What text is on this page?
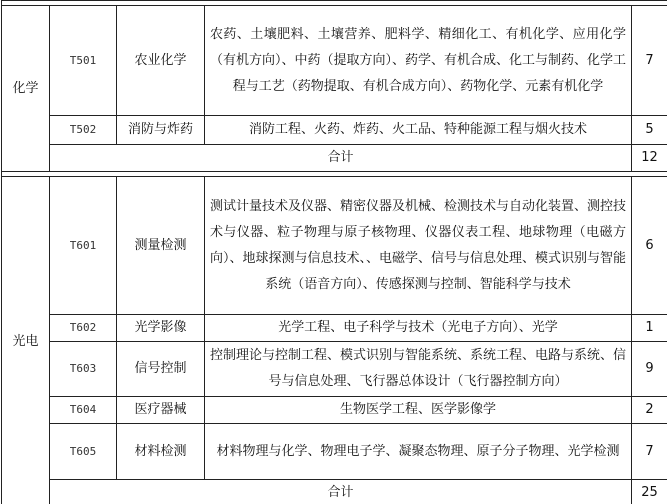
化学	T501	农业化学	农药、土壤肥料、土壤营养、肥料学、精细化工、有机化学、应用化学（有机方向）、中药（提取方向）、药学、有机合成、化工与制药、化学工程与工艺（药物提取、有机合成方向）、药物化学、元素有机化学	7
	T502	消防与炸药	消防工程、火药、炸药、火工品、特种能源工程与烟火技术	5
	合计			12

光电	T601	测量检测	测试计量技术及仪器、精密仪器及机械、检测技术与自动化装置、测控技术与仪器、粒子物理与原子核物理、仪器仪表工程、地球物理（电磁方向）、地球探测与信息技术、、电磁学、信号与信息处理、模式识别与智能系统（语音方向）、传感探测与控制、智能科学与技术	6
	T602	光学影像	光学工程、电子科学与技术（光电子方向）、光学	1
	T603	信号控制	控制理论与控制工程、模式识别与智能系统、系统工程、电路与系统、信号与信息处理、飞行器总体设计（飞行器控制方向）	9
	T604	医疗器械	生物医学工程、医学影像学	2
	T605	材料检测	材料物理与化学、物理电子学、凝聚态物理、原子分子物理、光学检测	7
	合计			25
